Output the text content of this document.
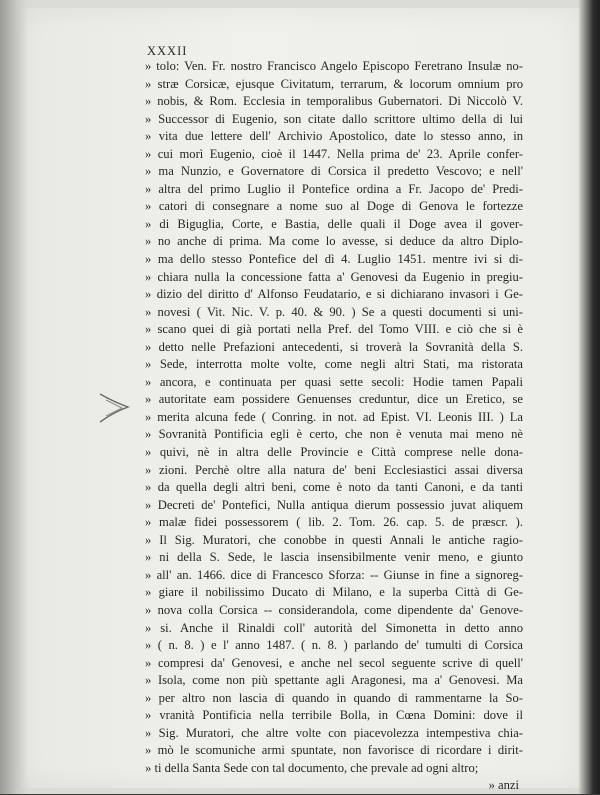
XXXII
» tolo: Ven. Fr. nostro Francisco Angelo Episcopo Feretrano Insulæ no-
» stræ Corsicæ, ejusque Civitatum, terrarum, & locorum omnium pro
» nobis, & Rom. Ecclesia in temporalibus Gubernatori. Di Niccolò V.
» Successor di Eugenio, son citate dallo scrittore ultimo della di lui
» vita due lettere dell' Archivio Apostolico, date lo stesso anno, in
» cui morì Eugenio, cioè il 1447. Nella prima de' 23. Aprile confer-
» ma Nunzio, e Governatore di Corsica il predetto Vescovo; e nell'
» altra del primo Luglio il Pontefice ordina a Fr. Jacopo de' Predi-
» catori di consegnare a nome suo al Doge di Genova le fortezze
» di Biguglia, Corte, e Bastia, delle quali il Doge avea il gover-
» no anche di prima. Ma come lo avesse, si deduce da altro Diplo-
» ma dello stesso Pontefice del dì 4. Luglio 1451. mentre ivi si di-
» chiara nulla la concessione fatta a' Genovesi da Eugenio in pregiu-
» dizio del diritto d' Alfonso Feudatario, e si dichiarano invasori i Ge-
» novesi ( Vit. Nic. V. p. 40. & 90. ) Se a questi documenti si uni-
» scano quei di già portati nella Pref. del Tomo VIII. e ciò che si è
» detto nelle Prefazioni antecedenti, si troverà la Sovranità della S.
» Sede, interrotta molte volte, come negli altri Stati, ma ristorata
» ancora, e continuata per quasi sette secoli: Hodie tamen Papali
» autoritate eam possidere Genuenses creduntur, dice un Eretico, se
» merita alcuna fede ( Conring. in not. ad Epist. VI. Leonis III. ) La
» Sovranità Pontificia egli è certo, che non è venuta mai meno nè
» quivi, nè in altra delle Provincie e Città comprese nelle dona-
» zioni. Perchè oltre alla natura de' beni Ecclesiastici assai diversa
» da quella degli altri beni, come è noto da tanti Canoni, e da tanti
» Decreti de' Pontefici, Nulla antiqua dierum possessio juvat aliquem
» malæ fidei possessorem ( lib. 2. Tom. 26. cap. 5. de præscr. ).
» Il Sig. Muratori, che conobbe in questi Annali le antiche ragio-
» ni della S. Sede, le lascia insensibilmente venir meno, e giunto
» all' an. 1466. dice di Francesco Sforza: -- Giunse in fine a signoreg-
» giare il nobilissimo Ducato di Milano, e la superba Città di Ge-
» nova colla Corsica -- considerandola, come dipendente da' Genove-
» si. Anche il Rinaldi coll' autorità del Simonetta in detto anno
» ( n. 8. ) e l' anno 1487. ( n. 8. ) parlando de' tumulti di Corsica
» compresi da' Genovesi, e anche nel secol seguente scrive di quell'
» Isola, come non più spettante agli Aragonesi, ma a' Genovesi. Ma
» per altro non lascia di quando in quando di rammentarne la So-
» vranità Pontificia nella terribile Bolla, in Cœna Domini: dove il
» Sig. Muratori, che altre volte con piacevolezza intempestiva chia-
» mò le scomuniche armi spuntate, non favorisce di ricordare i dirit-
» ti della Santa Sede con tal documento, che prevale ad ogni altro;
» anzi
